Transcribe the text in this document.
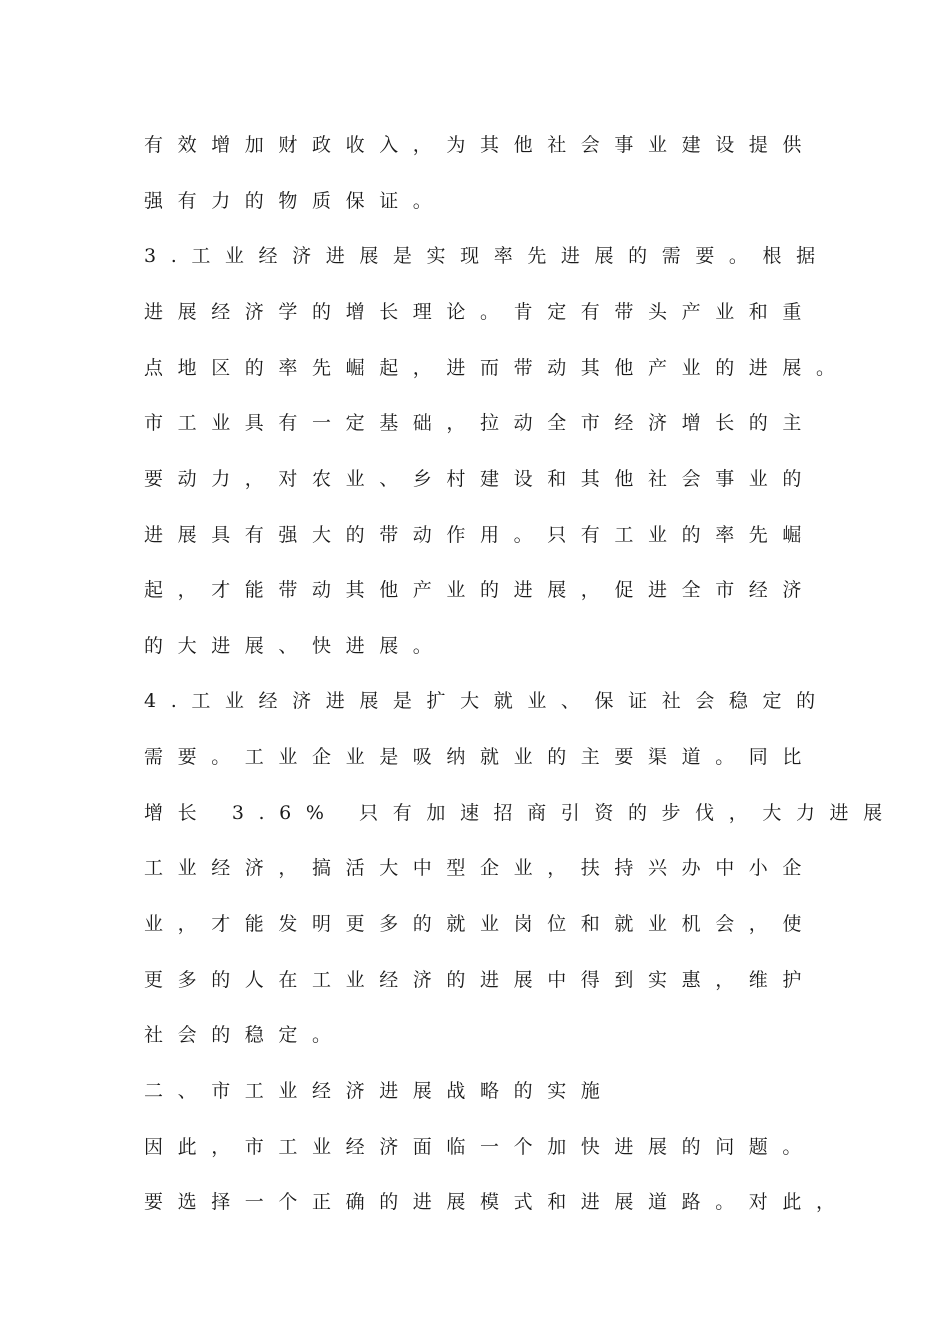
有效增加财政收入，为其他社会事业建设提供
强有力的物质保证。
3.工业经济进展是实现率先进展的需要。根据
进展经济学的增长理论。肯定有带头产业和重
点地区的率先崛起，进而带动其他产业的进展。
市工业具有一定基础，拉动全市经济增长的主
要动力，对农业、乡村建设和其他社会事业的
进展具有强大的带动作用。只有工业的率先崛
起，才能带动其他产业的进展，促进全市经济
的大进展、快进展。
4.工业经济进展是扩大就业、保证社会稳定的
需要。工业企业是吸纳就业的主要渠道。同比
增长 3.6% 只有加速招商引资的步伐，大力进展
工业经济，搞活大中型企业，扶持兴办中小企
业，才能发明更多的就业岗位和就业机会，使
更多的人在工业经济的进展中得到实惠，维护
社会的稳定。
二、市工业经济进展战略的实施
因此，市工业经济面临一个加快进展的问题。
要选择一个正确的进展模式和进展道路。对此，
